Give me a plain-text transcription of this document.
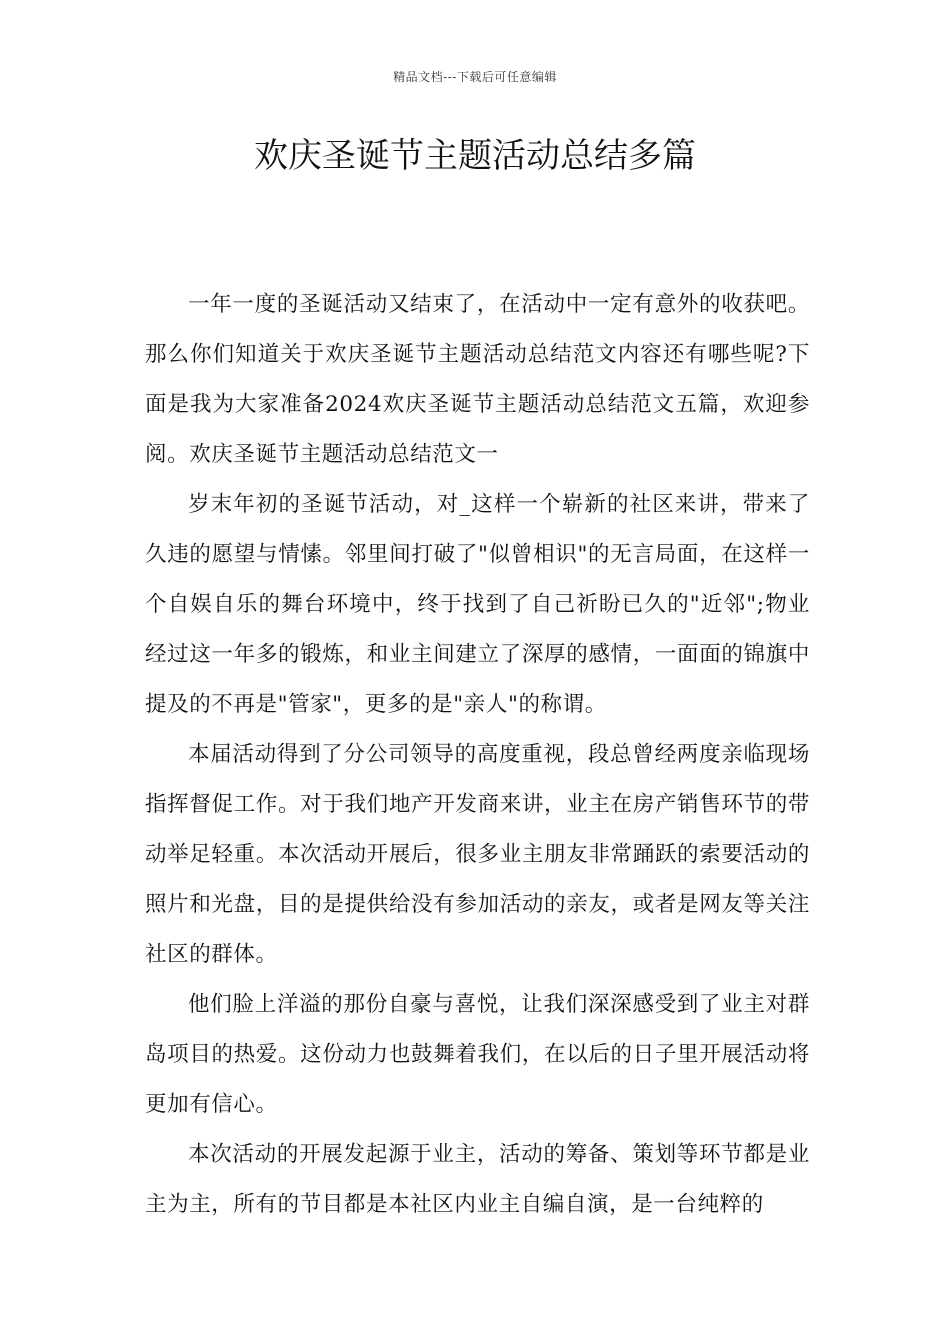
精品文档---下载后可任意编辑
欢庆圣诞节主题活动总结多篇

一年一度的圣诞活动又结束了，在活动中一定有意外的收获吧。那么你们知道关于欢庆圣诞节主题活动总结范文内容还有哪些呢?下面是我为大家准备2024欢庆圣诞节主题活动总结范文五篇，欢迎参阅。欢庆圣诞节主题活动总结范文一

岁末年初的圣诞节活动，对_这样一个崭新的社区来讲，带来了久违的愿望与情愫。邻里间打破了"似曾相识"的无言局面，在这样一个自娱自乐的舞台环境中，终于找到了自己祈盼已久的"近邻";物业经过这一年多的锻炼，和业主间建立了深厚的感情，一面面的锦旗中提及的不再是"管家"，更多的是"亲人"的称谓。

本届活动得到了分公司领导的高度重视，段总曾经两度亲临现场指挥督促工作。对于我们地产开发商来讲，业主在房产销售环节的带动举足轻重。本次活动开展后，很多业主朋友非常踊跃的索要活动的照片和光盘，目的是提供给没有参加活动的亲友，或者是网友等关注社区的群体。

他们脸上洋溢的那份自豪与喜悦，让我们深深感受到了业主对群岛项目的热爱。这份动力也鼓舞着我们，在以后的日子里开展活动将更加有信心。

本次活动的开展发起源于业主，活动的筹备、策划等环节都是业主为主，所有的节目都是本社区内业主自编自演，是一台纯粹的
